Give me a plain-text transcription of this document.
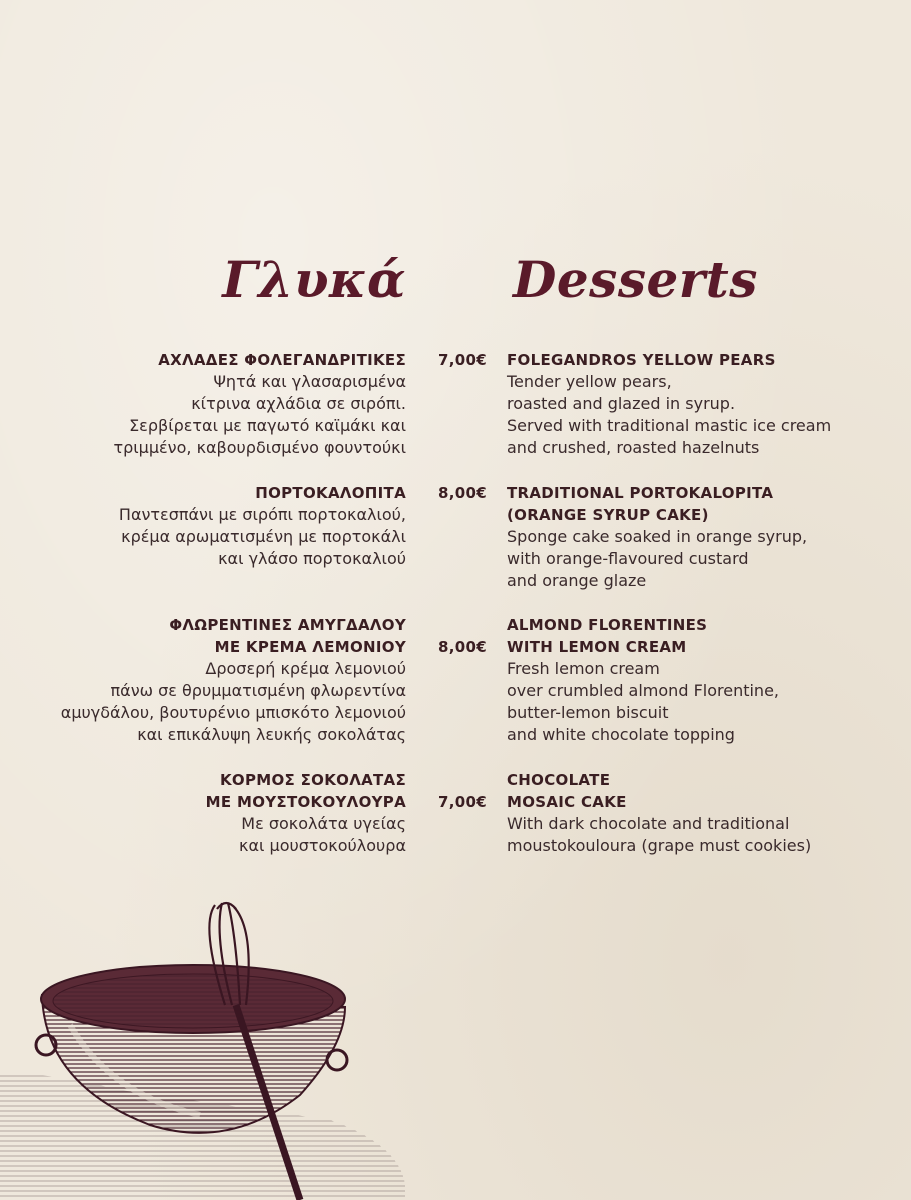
Γλυκά Desserts
ΑΧΛΑΔΕΣ ΦΟΛΕΓΑΝΔΡΙΤΙΚΕΣ
Ψητά και γλασαρισμένα
κίτρινα αχλάδια σε σιρόπι.
Σερβίρεται με παγωτό καϊμάκι και
τριμμένο, καβουρδισμένο φουντούκι
7,00€ FOLEGANDROS YELLOW PEARS
Tender yellow pears,
roasted and glazed in syrup.
Served with traditional mastic ice cream
and crushed, roasted hazelnuts
ΠΟΡΤΟΚΑΛΟΠΙΤΑ
Παντεσπάνι με σιρόπι πορτοκαλιού,
κρέμα αρωματισμένη με πορτοκάλι
και γλάσο πορτοκαλιού
8,00€ TRADITIONAL PORTOKALOPITA
(ORANGE SYRUP CAKE)
Sponge cake soaked in orange syrup,
with orange-flavoured custard
and orange glaze
ΦΛΩΡΕΝΤΙΝΕΣ ΑΜΥΓΔΑΛΟΥ
ΜΕ ΚΡΕΜΑ ΛΕΜΟΝΙΟΥ
Δροσερή κρέμα λεμονιού
πάνω σε θρυμματισμένη φλωρεντίνα
αμυγδάλου, βουτυρένιο μπισκότο λεμονιού
και επικάλυψη λευκής σοκολάτας
8,00€
ALMOND FLORENTINES
WITH LEMON CREAM
Fresh lemon cream
over crumbled almond Florentine,
butter-lemon biscuit
and white chocolate topping
ΚΟΡΜΟΣ ΣΟΚΟΛΑΤΑΣ
ΜΕ ΜΟΥΣΤΟΚΟΥΛΟΥΡΑ
Με σοκολάτα υγείας
και μουστοκούλουρα
7,00€
CHOCOLATE
MOSAIC CAKE
With dark chocolate and traditional
moustokouloura (grape must cookies)
